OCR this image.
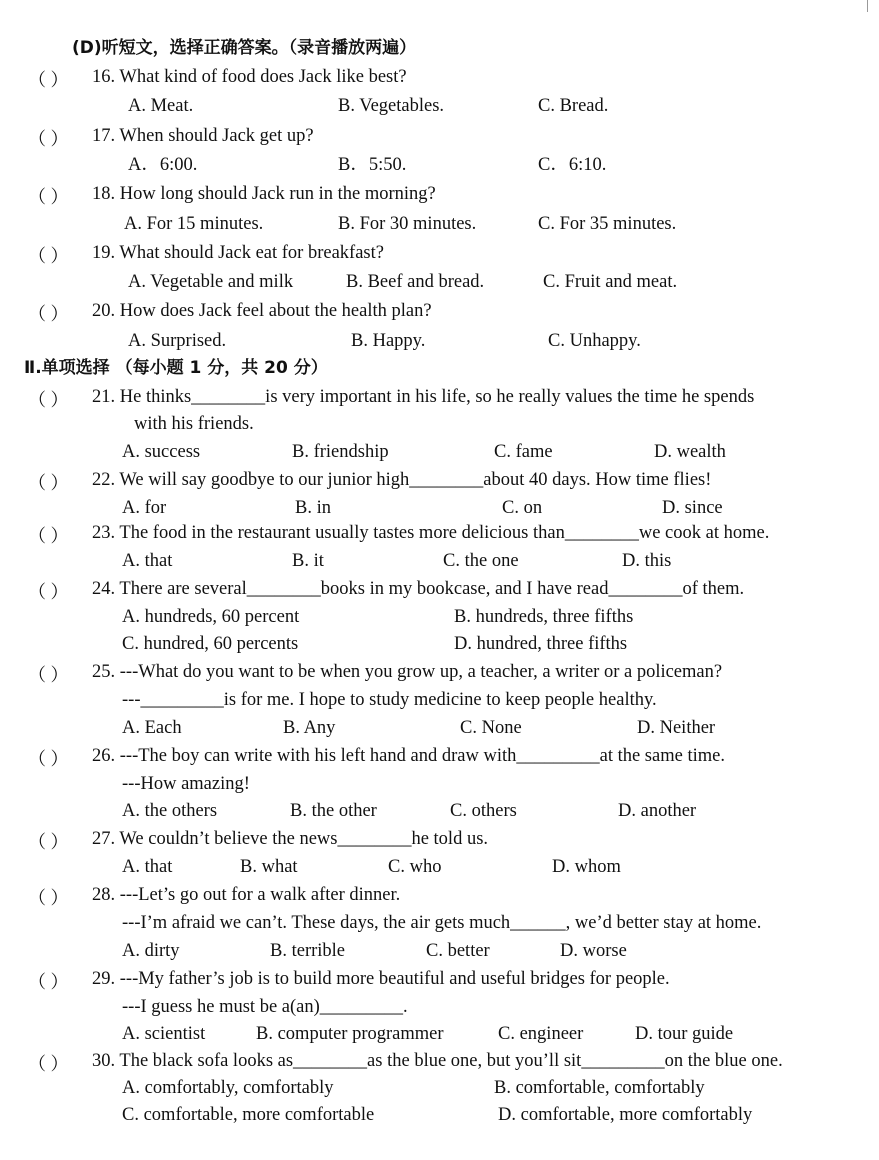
(D)听短文，选择正确答案。（录音播放两遍）
（ ） 16. What kind of food does Jack like best?
A. Meat.	B. Vegetables.	C. Bread.
（ ） 17. When should Jack get up?
A．6:00.	B．5:50.	C．6:10.
（ ） 18. How long should Jack run in the morning?
A. For 15 minutes.	B. For 30 minutes.	C. For 35 minutes.
（ ） 19. What should Jack eat for breakfast?
A. Vegetable and milk	B. Beef and bread.	C. Fruit and meat.
（ ） 20. How does Jack feel about the health plan?
A. Surprised.	B. Happy.	C. Unhappy.
Ⅱ.单项选择 （每小题 1 分，共 20 分）
（ ） 21. He thinks________is very important in his life, so he really values the time he spends
with his friends.
A. success	B. friendship	C. fame	D. wealth
（ ） 22. We will say goodbye to our junior high________about 40 days. How time flies!
A. for	B. in	C. on	D. since
（ ） 23. The food in the restaurant usually tastes more delicious than________we cook at home.
A. that	B. it	C. the one	D. this
（ ） 24. There are several________books in my bookcase, and I have read________of them.
A. hundreds, 60 percent	B. hundreds, three fifths
C. hundred, 60 percents	D. hundred, three fifths
（ ） 25. ---What do you want to be when you grow up, a teacher, a writer or a policeman?
---_________is for me. I hope to study medicine to keep people healthy.
A. Each	B. Any	C. None	D. Neither
（ ） 26. ---The boy can write with his left hand and draw with_________at the same time.
---How amazing!
A. the others	B. the other	C. others	D. another
（ ） 27. We couldn’t believe the news________he told us.
A. that	B. what	C. who	D. whom
（ ） 28. ---Let’s go out for a walk after dinner.
---I’m afraid we can’t. These days, the air gets much______, we’d better stay at home.
A. dirty	B. terrible	C. better	D. worse
（ ） 29. ---My father’s job is to build more beautiful and useful bridges for people.
---I guess he must be a(an)_________.
A. scientist	B. computer programmer	C. engineer	D. tour guide
（ ） 30. The black sofa looks as________as the blue one, but you’ll sit_________on the blue one.
A. comfortably, comfortably	B. comfortable, comfortably
C. comfortable, more comfortable	D. comfortable, more comfortably
